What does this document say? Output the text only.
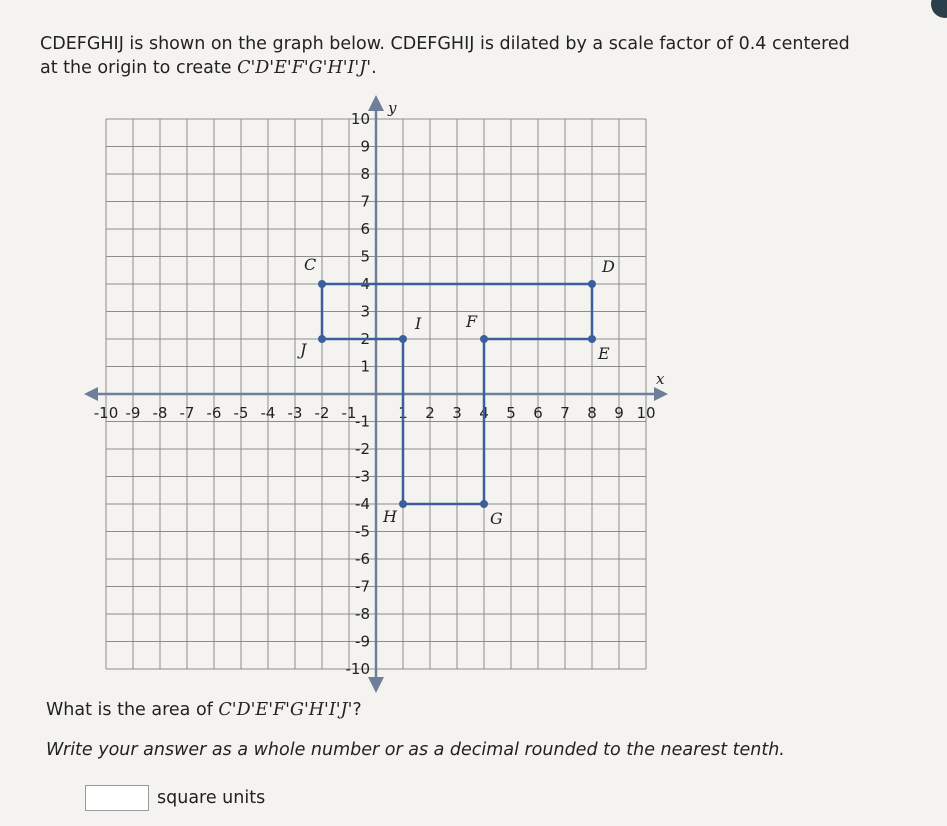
x
y
-10 -9 -8 -7 -6 -5 -4 -3 -2 -1	1 2 3 4 5 6 7 8 9 10
10
9
8
7
6
5
4
3
2
1
-1
-2
-3
-4
-5
-6
-7
-8
-9
-10
C	D
E
F
G
H
I
J
CDEFGHIJ is shown on the graph below. CDEFGHIJ is dilated by a scale factor of 0.4 centered
at the origin to create C'D'E'F'G'H'I'J'.
What is the area of C'D'E'F'G'H'I'J'?
Write your answer as a whole number or as a decimal rounded to the nearest tenth.
square units
